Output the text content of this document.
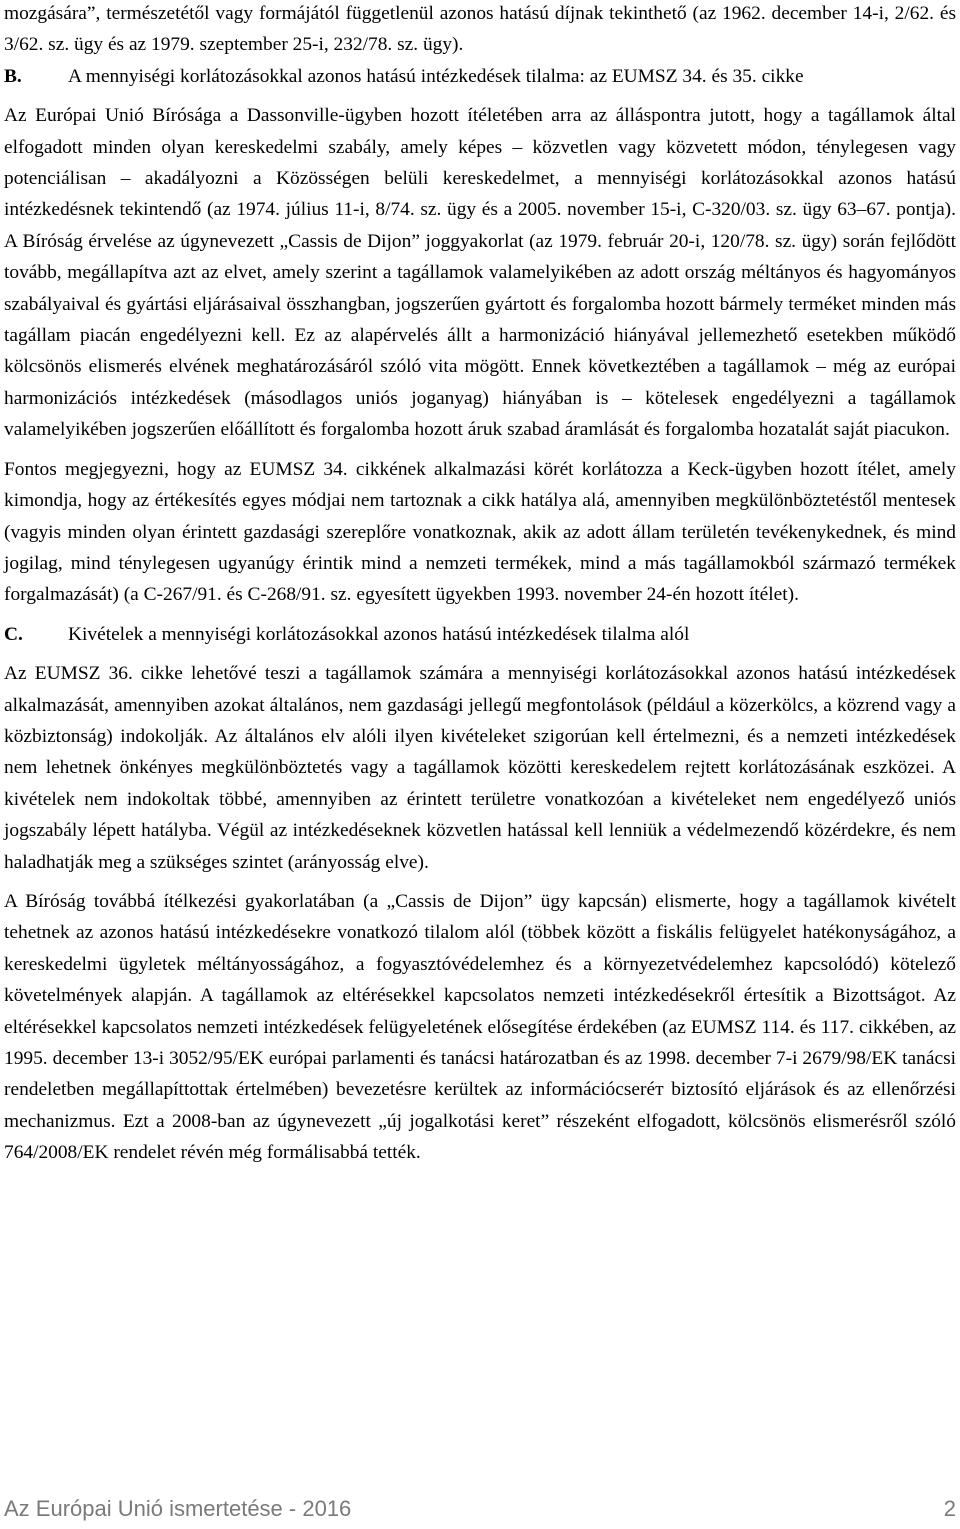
mozgására”, természetétől vagy formájától függetlenül azonos hatású díjnak tekinthető (az 1962. december 14-i, 2/62. és 3/62. sz. ügy és az 1979. szeptember 25-i, 232/78. sz. ügy).

B.	A mennyiségi korlátozásokkal azonos hatású intézkedések tilalma: az EUMSZ 34. és 35. cikke

Az Európai Unió Bírósága a Dassonville-ügyben hozott ítéletében arra az álláspontra jutott, hogy a tagállamok által elfogadott minden olyan kereskedelmi szabály, amely képes – közvetlen vagy közvetett módon, ténylegesen vagy potenciálisan – akadályozni a Közösségen belüli kereskedelmet, a mennyiségi korlátozásokkal azonos hatású intézkedésnek tekintendő (az 1974. július 11-i, 8/74. sz. ügy és a 2005. november 15-i, C-320/03. sz. ügy 63–67. pontja). A Bíróság érvelése az úgynevezett „Cassis de Dijon” joggyakorlat (az 1979. február 20-i, 120/78. sz. ügy) során fejlődött tovább, megállapítva azt az elvet, amely szerint a tagállamok valamelyikében az adott ország méltányos és hagyományos szabályaival és gyártási eljárásaival összhangban, jogszerűen gyártott és forgalomba hozott bármely terméket minden más tagállam piacán engedélyezni kell. Ez az alapérvelés állt a harmonizáció hiányával jellemezhető esetekben működő kölcsönös elismerés elvének meghatározásáról szóló vita mögött. Ennek következtében a tagállamok – még az európai harmonizációs intézkedések (másodlagos uniós joganyag) hiányában is – kötelesek engedélyezni a tagállamok valamelyikében jogszerűen előállított és forgalomba hozott áruk szabad áramlását és forgalomba hozatalát saját piacukon.

Fontos megjegyezni, hogy az EUMSZ 34. cikkének alkalmazási körét korlátozza a Keck-ügyben hozott ítélet, amely kimondja, hogy az értékesítés egyes módjai nem tartoznak a cikk hatálya alá, amennyiben megkülönböztetéstől mentesek (vagyis minden olyan érintett gazdasági szereplőre vonatkoznak, akik az adott állam területén tevékenykednek, és mind jogilag, mind ténylegesen ugyanúgy érintik mind a nemzeti termékek, mind a más tagállamokból származó termékek forgalmazását) (a C-267/91. és C-268/91. sz. egyesített ügyekben 1993. november 24-én hozott ítélet).

C.	Kivételek a mennyiségi korlátozásokkal azonos hatású intézkedések tilalma alól

Az EUMSZ 36. cikke lehetővé teszi a tagállamok számára a mennyiségi korlátozásokkal azonos hatású intézkedések alkalmazását, amennyiben azokat általános, nem gazdasági jellegű megfontolások (például a közerkölcs, a közrend vagy a közbiztonság) indokolják. Az általános elv alóli ilyen kivételeket szigorúan kell értelmezni, és a nemzeti intézkedések nem lehetnek önkényes megkülönböztetés vagy a tagállamok közötti kereskedelem rejtett korlátozásának eszközei. A kivételek nem indokoltak többé, amennyiben az érintett területre vonatkozóan a kivételeket nem engedélyező uniós jogszabály lépett hatályba. Végül az intézkedéseknek közvetlen hatással kell lenniük a védelmezendő közérdekre, és nem haladhatják meg a szükséges szintet (arányosság elve).

A Bíróság továbbá ítélkezési gyakorlatában (a „Cassis de Dijon” ügy kapcsán) elismerte, hogy a tagállamok kivételt tehetnek az azonos hatású intézkedésekre vonatkozó tilalom alól (többek között a fiskális felügyelet hatékonyságához, a kereskedelmi ügyletek méltányosságához, a fogyasztóvédelemhez és a környezetvédelemhez kapcsolódó) kötelező követelmények alapján. A tagállamok az eltérésekkel kapcsolatos nemzeti intézkedésekről értesítik a Bizottságot. Az eltérésekkel kapcsolatos nemzeti intézkedések felügyeletének elősegítése érdekében (az EUMSZ 114. és 117. cikkében, az 1995. december 13-i 3052/95/EK európai parlamenti és tanácsi határozatban és az 1998. december 7-i 2679/98/EK tanácsi rendeletben megállapíttottak értelmében) bevezetésre kerültek az információcseréт biztosító eljárások és az ellenőrzési mechanizmus. Ezt a 2008-ban az úgynevezett „új jogalkotási keret” részeként elfogadott, kölcsönös elismerésről szóló 764/2008/EK rendelet révén még formálisabbá tették.

Az Európai Unió ismertetése - 2016	2
